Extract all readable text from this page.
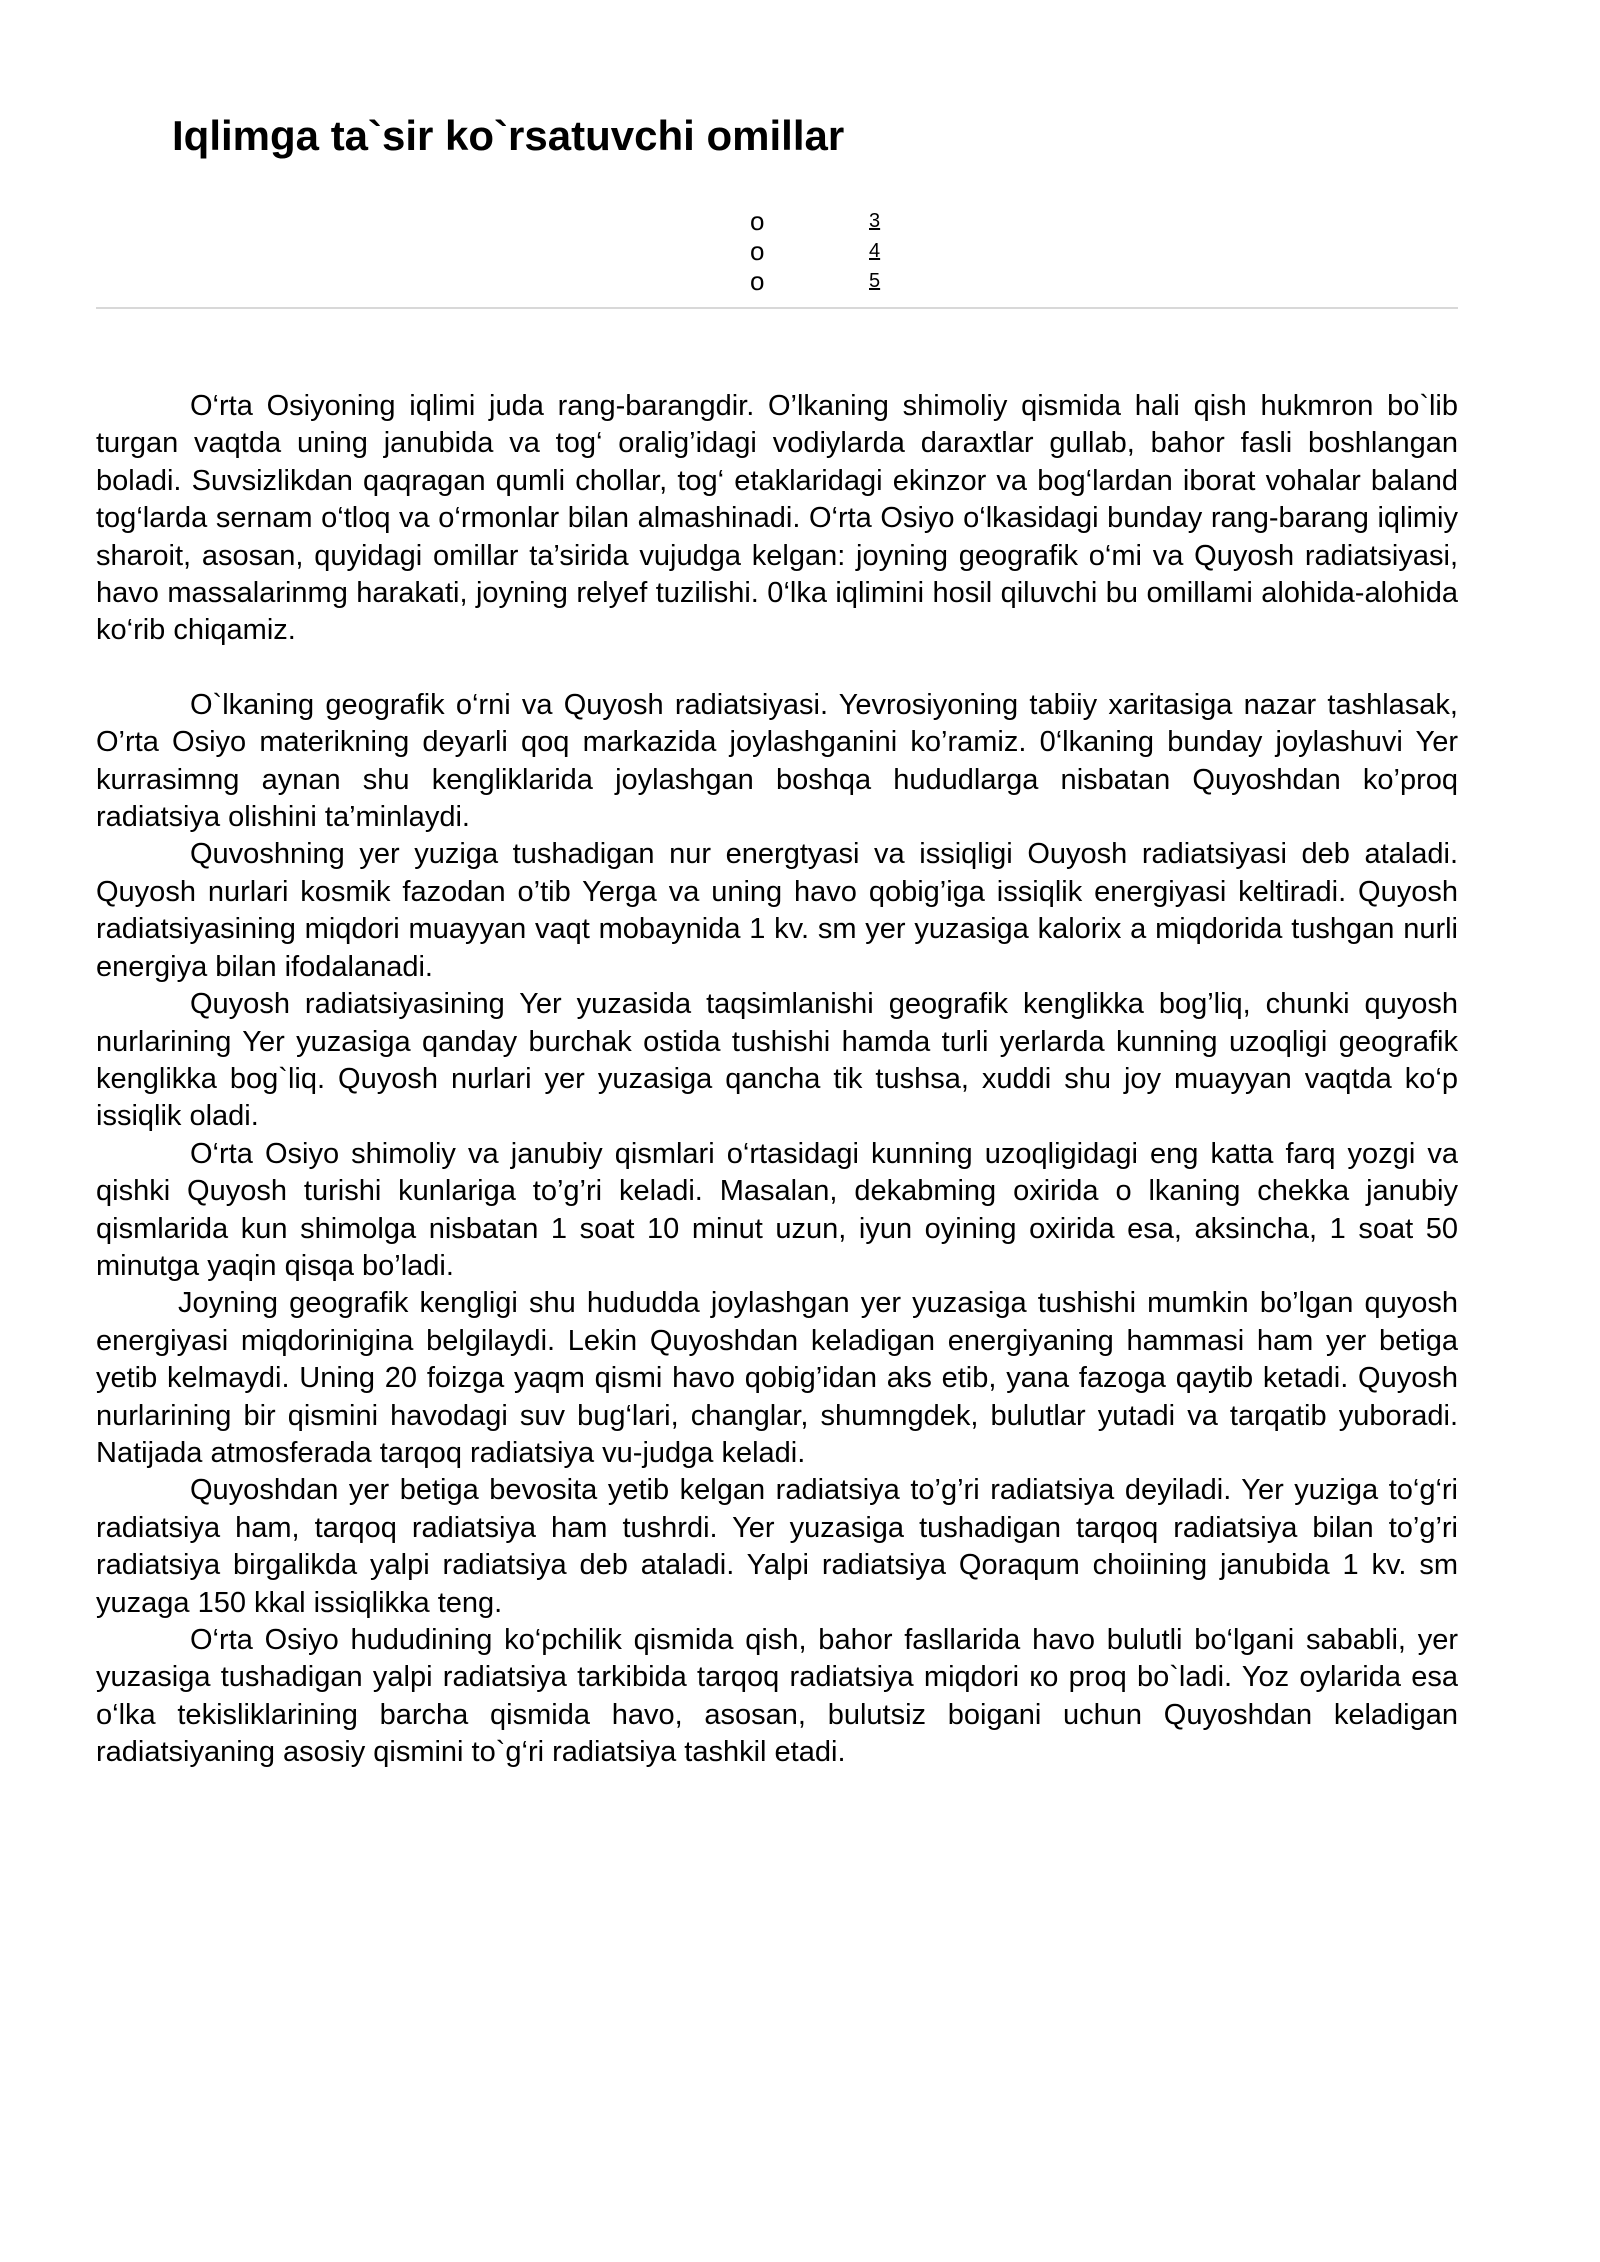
Iqlimga ta`sir ko`rsatuvchi omillar
o	3
o	4
o	5

O‘rta Osiyoning iqlimi juda rang-barangdir. O’lkaning shimoliy qismida hali qish hukmron bo`lib turgan vaqtda uning janubida va tog‘ oralig’idagi vodiylarda daraxtlar gullab, bahor fasli boshlangan boladi. Suvsizlikdan qaqragan qumli chollar, tog‘ etaklaridagi ekinzor va bog‘lardan iborat vohalar baland tog‘larda sernam o‘tloq va o‘rmonlar bilan almashinadi. O‘rta Osiyo o‘lkasidagi bunday rang-barang iqlimiy sharoit, asosan, quyidagi omillar ta’sirida vujudga kelgan: joyning geografik o‘mi va Quyosh radiatsiyasi, havo massalarinmg harakati, joyning relyef tuzilishi. 0‘lka iqlimini hosil qiluvchi bu omillami alohida-alohida ko‘rib chiqamiz.

O`lkaning geografik o‘rni va Quyosh radiatsiyasi. Yevrosiyoning tabiiy xaritasiga nazar tashlasak, O’rta Osiyo materikning deyarli qoq markazida joylashganini ko’ramiz. 0‘lkaning bunday joylashuvi Yer kurrasimng aynan shu kengliklarida joylashgan boshqa hududlarga nisbatan Quyoshdan ko’proq radiatsiya olishini ta’minlaydi.

Quvoshning yer yuziga tushadigan nur energtyasi va issiqligi Ouyosh radiatsiyasi deb ataladi. Quyosh nurlari kosmik fazodan o’tib Yerga va uning havo qobig’iga issiqlik energiyasi keltiradi. Quyosh radiatsiyasining miqdori muayyan vaqt mobaynida 1 kv. sm yer yuzasiga kalorix a miqdorida tushgan nurli energiya bilan ifodalanadi.

Quyosh radiatsiyasining Yer yuzasida taqsimlanishi geografik kenglikka bog’liq, chunki quyosh nurlarining Yer yuzasiga qanday burchak ostida tushishi hamda turli yerlarda kunning uzoqligi geografik kenglikka bog`liq. Quyosh nurlari yer yuzasiga qancha tik tushsa, xuddi shu joy muayyan vaqtda ko‘p issiqlik oladi.

O‘rta Osiyo shimoliy va janubiy qismlari o‘rtasidagi kunning uzoqligidagi eng katta farq yozgi va qishki Quyosh turishi kunlariga to’g’ri keladi. Masalan, dekabming oxirida o lkaning chekka janubiy qismlarida kun shimolga nisbatan 1 soat 10 minut uzun, iyun oyining oxirida esa, aksincha, 1 soat 50 minutga yaqin qisqa bo’ladi.

Joyning geografik kengligi shu hududda joylashgan yer yuzasiga tushishi mumkin bo’lgan quyosh energiyasi miqdorinigina belgilaydi. Lekin Quyoshdan keladigan energiyaning hammasi ham yer betiga yetib kelmaydi. Uning 20 foizga yaqm qismi havo qobig’idan aks etib, yana fazoga qaytib ketadi. Quyosh nurlarining bir qismini havodagi suv bug‘lari, changlar, shumngdek, bulutlar yutadi va tarqatib yuboradi. Natijada atmosferada tarqoq radiatsiya vu-judga keladi.

Quyoshdan yer betiga bevosita yetib kelgan radiatsiya to’g’ri radiatsiya deyiladi. Yer yuziga to‘g‘ri radiatsiya ham, tarqoq radiatsiya ham tushrdi. Yer yuzasiga tushadigan tarqoq radiatsiya bilan to’g’ri radiatsiya birgalikda yalpi radiatsiya deb ataladi. Yalpi radiatsiya Qoraqum choiining janubida 1 kv. sm yuzaga 150 kkal issiqlikka teng.

O‘rta Osiyo hududining ko‘pchilik qismida qish, bahor fasllarida havo bulutli bo‘lgani sababli, yer yuzasiga tushadigan yalpi radiatsiya tarkibida tarqoq radiatsiya miqdori ко proq bo`ladi. Yoz oylarida esa o‘lka tekisliklarining barcha qismida havo, asosan, bulutsiz boigani uchun Quyoshdan keladigan radiatsiyaning asosiy qismini to`g‘ri radiatsiya tashkil etadi.
